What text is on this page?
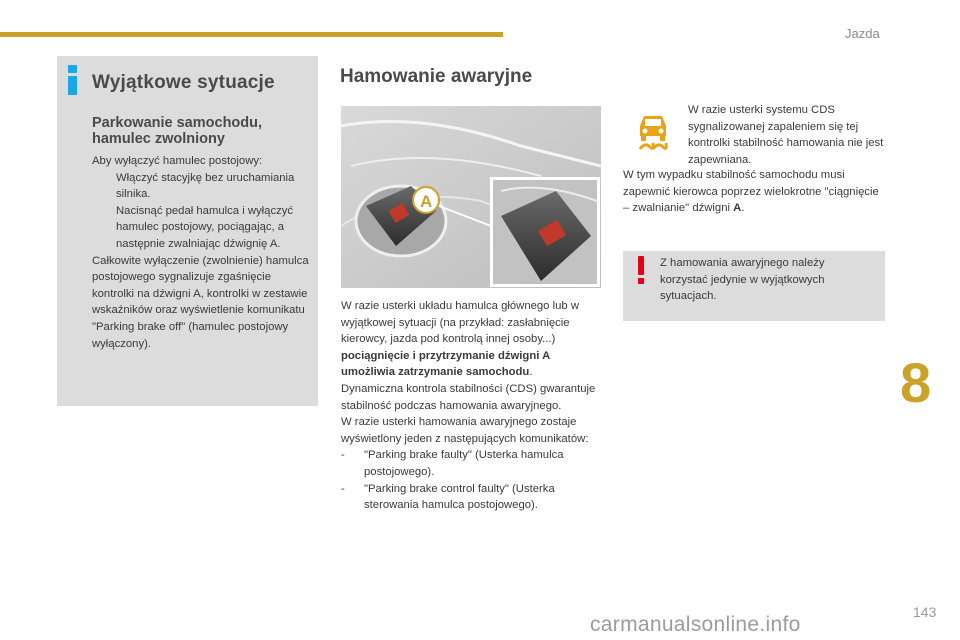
Jazda
Wyjątkowe sytuacje
Parkowanie samochodu, hamulec zwolniony
Aby wyłączyć hamulec postojowy:
Włączyć stacyjkę bez uruchamiania silnika.
Nacisnąć pedał hamulca i wyłączyć hamulec postojowy, pociągając, a następnie zwalniając dźwignię A.
Całkowite wyłączenie (zwolnienie) hamulca postojowego sygnalizuje zgaśnięcie kontrolki na dźwigni A, kontrolki w zestawie wskaźników oraz wyświetlenie komunikatu "Parking brake off" (hamulec postojowy wyłączony).
Hamowanie awaryjne
A
W razie usterki układu hamulca głównego lub w wyjątkowej sytuacji (na przykład: zasłabnięcie kierowcy, jazda pod kontrolą innej osoby...) pociągnięcie i przytrzymanie dźwigni A umożliwia zatrzymanie samochodu.
Dynamiczna kontrola stabilności (CDS) gwarantuje stabilność podczas hamowania awaryjnego.
W razie usterki hamowania awaryjnego zostaje wyświetlony jeden z następujących komunikatów:
-	"Parking brake faulty" (Usterka hamulca postojowego).
-	"Parking brake control faulty" (Usterka sterowania hamulca postojowego).
W razie usterki systemu CDS sygnalizowanej zapaleniem się tej kontrolki stabilność hamowania nie jest zapewniana.
W tym wypadku stabilność samochodu musi zapewnić kierowca poprzez wielokrotne "ciągnięcie – zwalnianie" dźwigni A.
Z hamowania awaryjnego należy korzystać jedynie w wyjątkowych sytuacjach.
8
carmanualsonline.info
143
